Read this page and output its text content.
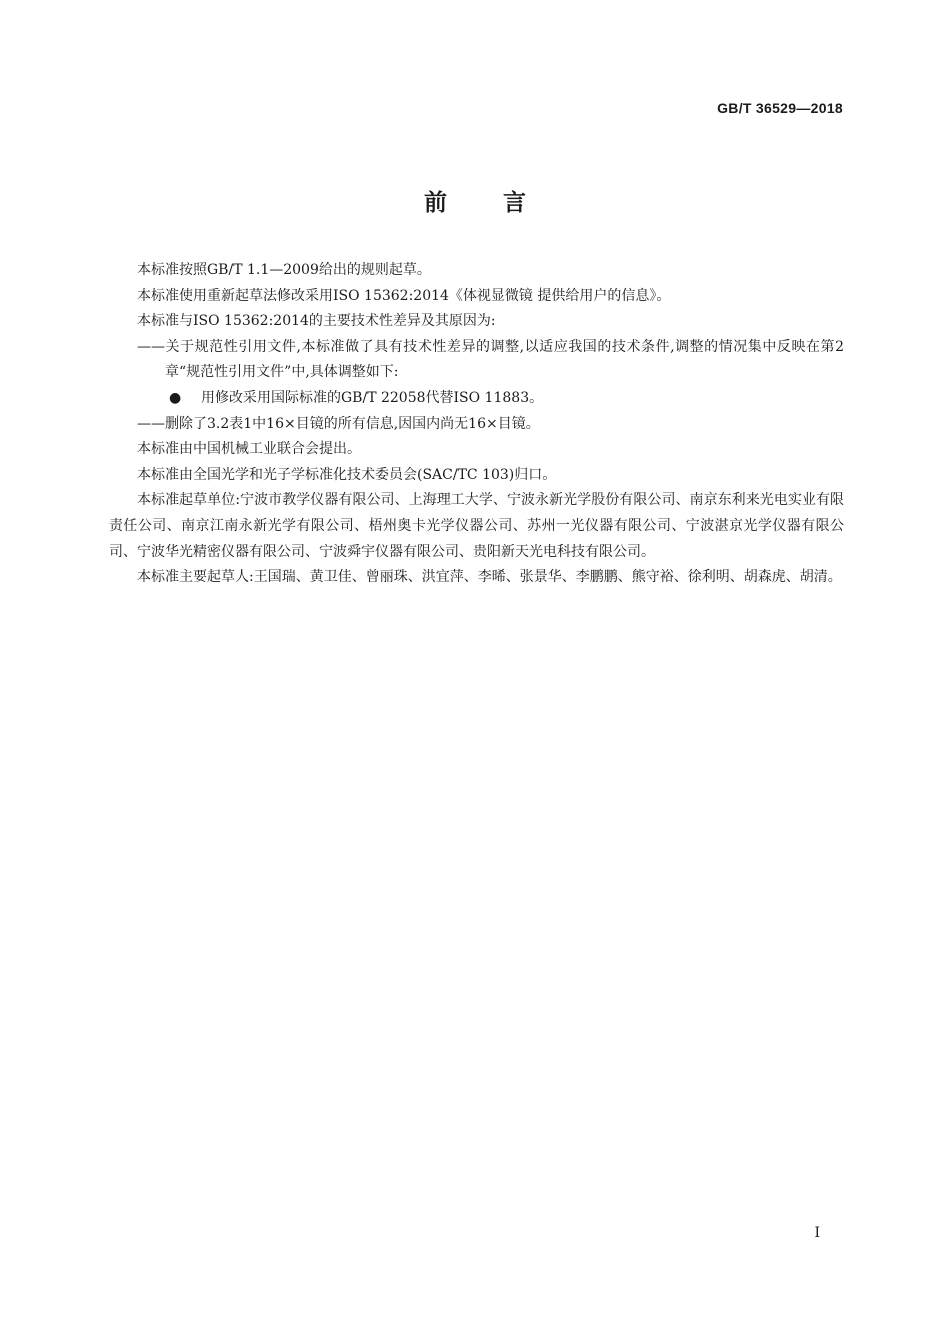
GB/T 36529—2018
前言

本标准按照GB/T 1.1—2009给出的规则起草。

本标准使用重新起草法修改采用ISO 15362:2014《体视显微镜 提供给用户的信息》。

本标准与ISO 15362:2014的主要技术性差异及其原因为:

——关于规范性引用文件,本标准做了具有技术性差异的调整,以适应我国的技术条件,调整的情况集中反映在第2章“规范性引用文件”中,具体调整如下:

● 用修改采用国际标准的GB/T 22058代替ISO 11883。

——删除了3.2表1中16×目镜的所有信息,因国内尚无16×目镜。

本标准由中国机械工业联合会提出。

本标准由全国光学和光子学标准化技术委员会(SAC/TC 103)归口。

本标准起草单位:宁波市教学仪器有限公司、上海理工大学、宁波永新光学股份有限公司、南京东利来光电实业有限责任公司、南京江南永新光学有限公司、梧州奥卡光学仪器公司、苏州一光仪器有限公司、宁波湛京光学仪器有限公司、宁波华光精密仪器有限公司、宁波舜宇仪器有限公司、贵阳新天光电科技有限公司。

本标准主要起草人:王国瑞、黄卫佳、曾丽珠、洪宜萍、李晞、张景华、李鹏鹏、熊守裕、徐利明、胡森虎、胡清。

I
